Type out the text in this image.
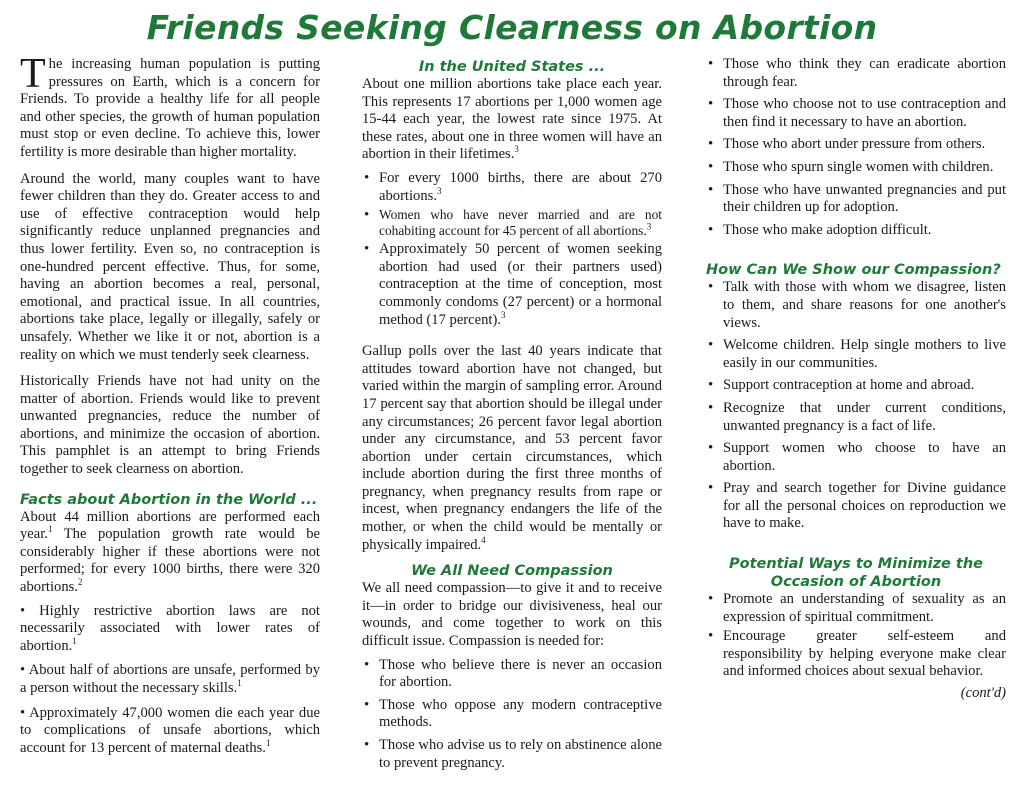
Friends Seeking Clearness on Abortion

The increasing human population is putting pressures on Earth, which is a concern for Friends. To provide a healthy life for all people and other species, the growth of human population must stop or even decline. To achieve this, lower fertility is more desirable than higher mortality.

Around the world, many couples want to have fewer children than they do. Greater access to and use of effective contraception would help significantly reduce unplanned pregnancies and thus lower fertility. Even so, no contraception is one-hundred percent effective. Thus, for some, having an abortion becomes a real, personal, emotional, and practical issue. In all countries, abortions take place, legally or illegally, safely or unsafely. Whether we like it or not, abortion is a reality on which we must tenderly seek clearness.

Historically Friends have not had unity on the matter of abortion. Friends would like to prevent unwanted pregnancies, reduce the number of abortions, and minimize the occasion of abortion. This pamphlet is an attempt to bring Friends together to seek clearness on abortion.

Facts about Abortion in the World ...

About 44 million abortions are performed each year.$^1$ The population growth rate would be considerably higher if these abortions were not performed; for every 1000 births, there were 320 abortions.$^2$

• Highly restrictive abortion laws are not necessarily associated with lower rates of abortion.$^1$

• About half of abortions are unsafe, performed by a person without the necessary skills.$^1$

• Approximately 47,000 women die each year due to complications of unsafe abortions, which account for 13 percent of maternal deaths.$^1$

In the United States ...

About one million abortions take place each year. This represents 17 abortions per 1,000 women age 15-44 each year, the lowest rate since 1975. At these rates, about one in three women will have an abortion in their lifetimes.$^3$

• For every 1000 births, there are about 270 abortions.$^3$
• Women who have never married and are not cohabiting account for 45 percent of all abortions.$^3$
• Approximately 50 percent of women seeking abortion had used (or their partners used) contraception at the time of conception, most commonly condoms (27 percent) or a hormonal method (17 percent).$^3$

Gallup polls over the last 40 years indicate that attitudes toward abortion have not changed, but varied within the margin of sampling error. Around 17 percent say that abortion should be illegal under any circumstances; 26 percent favor legal abortion under any circumstance, and 53 percent favor abortion under certain circumstances, which include abortion during the first three months of pregnancy, when pregnancy results from rape or incest, when pregnancy endangers the life of the mother, or when the child would be mentally or physically impaired.$^4$

We All Need Compassion

We all need compassion—to give it and to receive it—in order to bridge our divisiveness, heal our wounds, and come together to work on this difficult issue. Compassion is needed for:

• Those who believe there is never an occasion for abortion.
• Those who oppose any modern contraceptive methods.
• Those who advise us to rely on abstinence alone to prevent pregnancy.
• Those who think they can eradicate abortion through fear.
• Those who choose not to use contraception and then find it necessary to have an abortion.
• Those who abort under pressure from others.
• Those who spurn single women with children.
• Those who have unwanted pregnancies and put their children up for adoption.
• Those who make adoption difficult.
How Can We Show our Compassion?
• Talk with those with whom we disagree, listen to them, and share reasons for one another's views.
• Welcome children. Help single mothers to live easily in our communities.
• Support contraception at home and abroad.
• Recognize that under current conditions, unwanted pregnancy is a fact of life.
• Support women who choose to have an abortion.
• Pray and search together for Divine guidance for all the personal choices on reproduction we have to make.
Potential Ways to Minimize the
Occasion of Abortion
• Promote an understanding of sexuality as an expression of spiritual commitment.
• Encourage greater self-esteem and responsibility by helping everyone make clear and informed choices about sexual behavior.
(cont'd)
